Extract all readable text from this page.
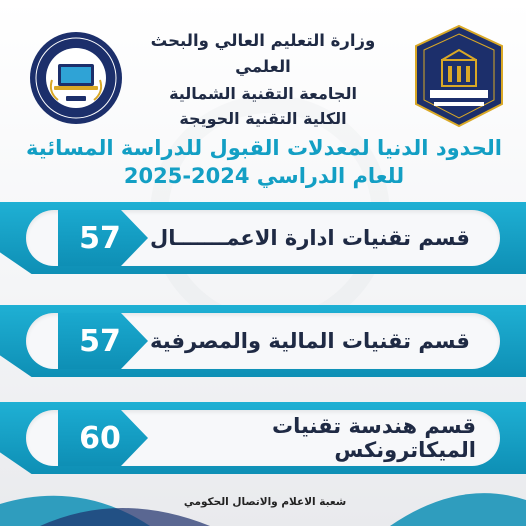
وزارة التعليم العالي والبحث العلمي
الجامعة التقنية الشمالية
الكلية التقنية الحويجة
الحدود الدنيا لمعدلات القبول للدراسة المسائية
للعام الدراسي 2024-2025
57	قسم تقنيات ادارة الاعمـــــــال
57	قسم تقنيات المالية والمصرفية
60	قسم هندسة تقنيات الميكاترونكس
شعبة الاعلام والاتصال الحكومي
